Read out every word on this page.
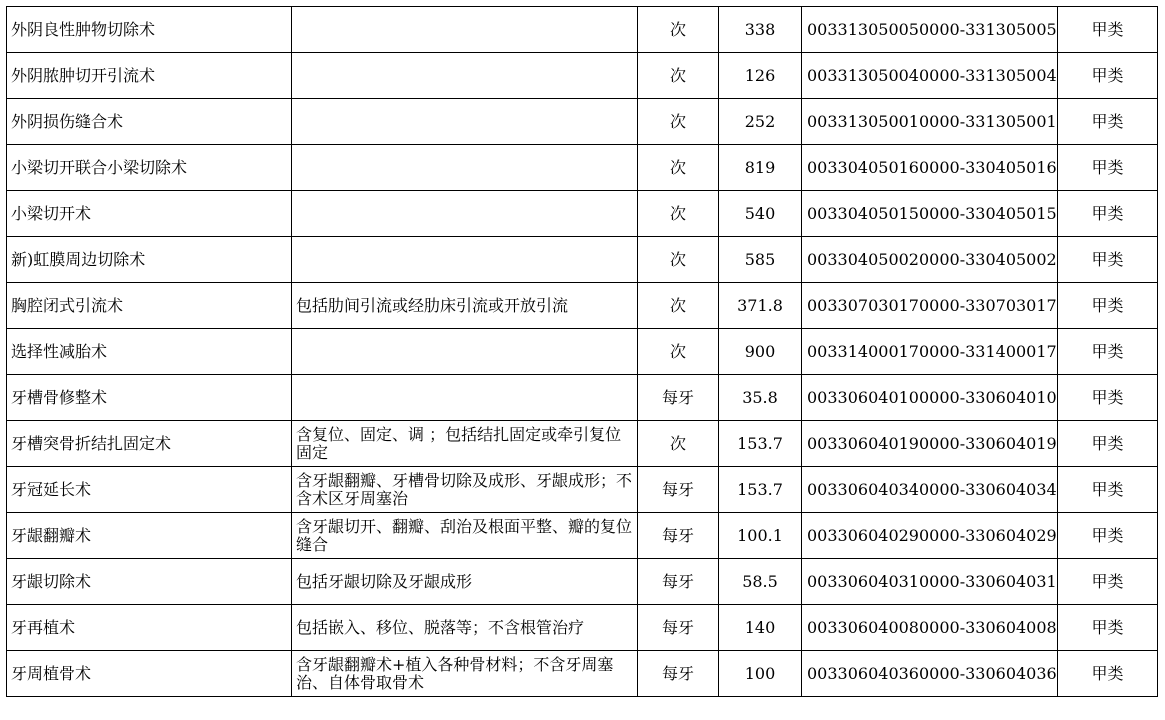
外阴良性肿物切除术		次	338	003313050050000-331305005	甲类
外阴脓肿切开引流术		次	126	003313050040000-331305004	甲类
外阴损伤缝合术		次	252	003313050010000-331305001	甲类
小梁切开联合小梁切除术		次	819	003304050160000-330405016	甲类
小梁切开术		次	540	003304050150000-330405015	甲类
新)虹膜周边切除术		次	585	003304050020000-330405002	甲类
胸腔闭式引流术	包括肋间引流或经肋床引流或开放引流	次	371.8	003307030170000-330703017	甲类
选择性减胎术		次	900	003314000170000-331400017	甲类
牙槽骨修整术		每牙	35.8	003306040100000-330604010	甲类
牙槽突骨折结扎固定术	含复位、固定、调 ；包括结扎固定或牵引复位固定	次	153.7	003306040190000-330604019	甲类
牙冠延长术	含牙龈翻瓣、牙槽骨切除及成形、牙龈成形；不含术区牙周塞治	每牙	153.7	003306040340000-330604034	甲类
牙龈翻瓣术	含牙龈切开、翻瓣、刮治及根面平整、瓣的复位缝合	每牙	100.1	003306040290000-330604029	甲类
牙龈切除术	包括牙龈切除及牙龈成形	每牙	58.5	003306040310000-330604031	甲类
牙再植术	包括嵌入、移位、脱落等；不含根管治疗	每牙	140	003306040080000-330604008	甲类
牙周植骨术	含牙龈翻瓣术+植入各种骨材料；不含牙周塞治、自体骨取骨术	每牙	100	003306040360000-330604036	甲类
